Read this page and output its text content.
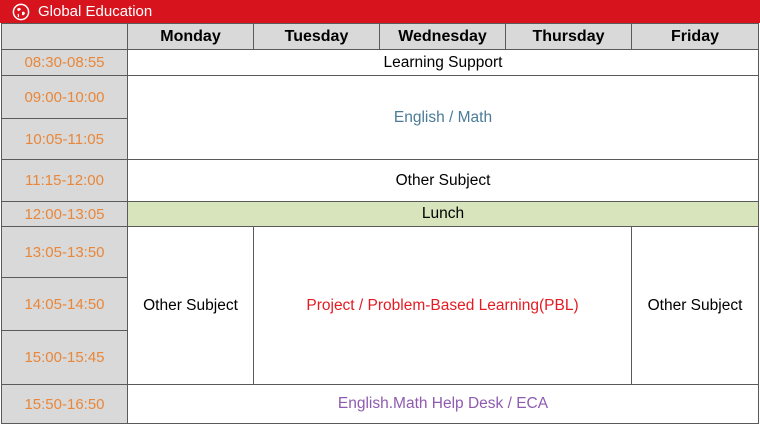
Global Education
	Monday	Tuesday	Wednesday	Thursday	Friday
08:30-08:55	Learning Support				
09:00-10:00	English / Math				
10:05-11:05					
11:15-12:00	Other Subject				
12:00-13:05	Lunch				
13:05-13:50	Other Subject	Project / Problem-Based Learning(PBL)			Other Subject
14:05-14:50					
15:00-15:45					
15:50-16:50	English.Math Help Desk / ECA				
